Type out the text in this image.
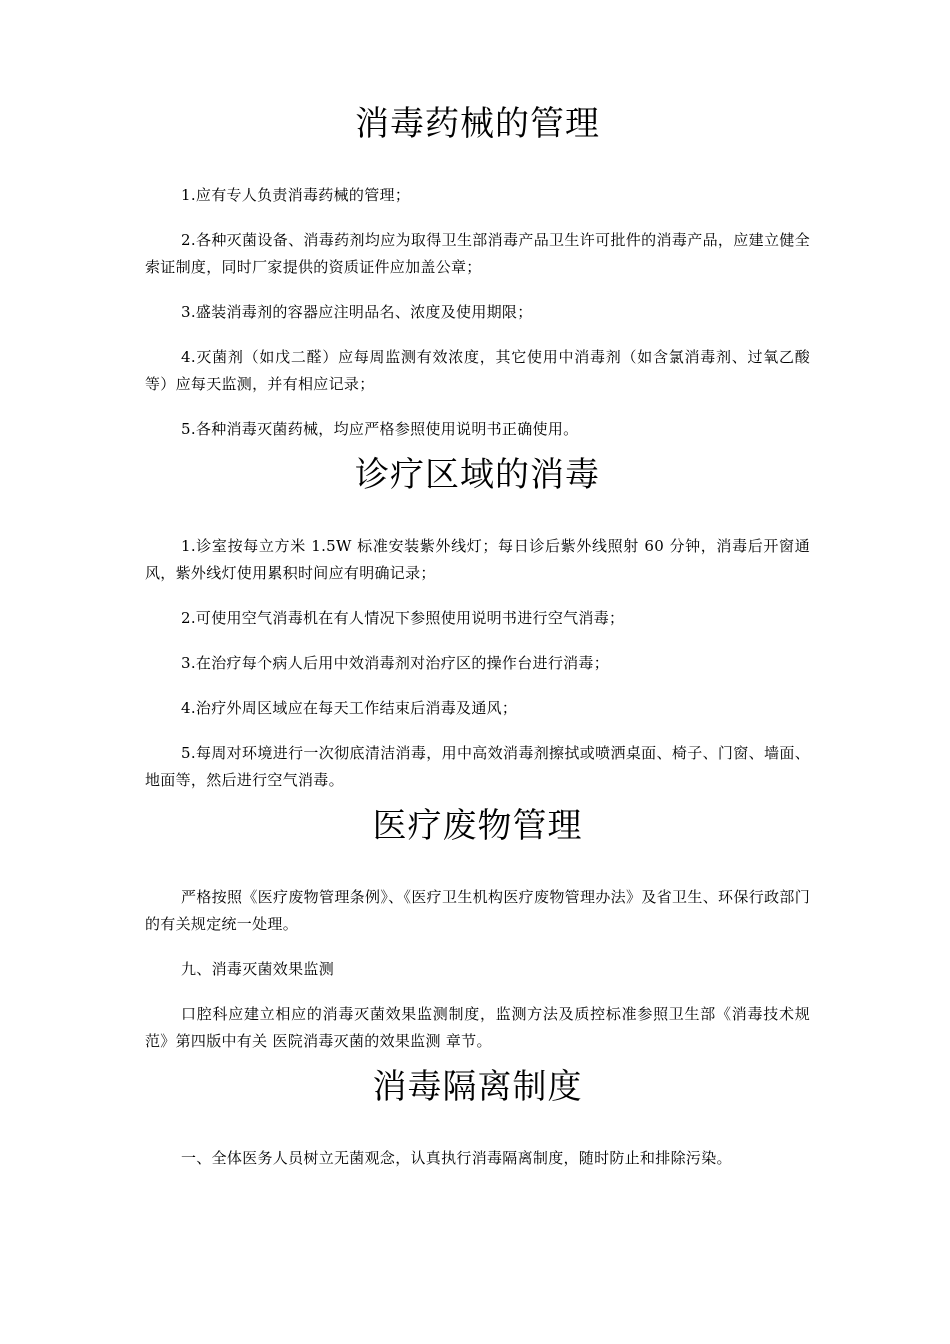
消毒药械的管理

1.应有专人负责消毒药械的管理；

2.各种灭菌设备、消毒药剂均应为取得卫生部消毒产品卫生许可批件的消毒产品，应建立健全索证制度，同时厂家提供的资质证件应加盖公章；

3.盛装消毒剂的容器应注明品名、浓度及使用期限；

4.灭菌剂（如戊二醛）应每周监测有效浓度，其它使用中消毒剂（如含氯消毒剂、过氧乙酸等）应每天监测，并有相应记录；

5.各种消毒灭菌药械，均应严格参照使用说明书正确使用。

诊疗区域的消毒

1.诊室按每立方米 1.5W 标准安装紫外线灯；每日诊后紫外线照射 60 分钟，消毒后开窗通风，紫外线灯使用累积时间应有明确记录；

2.可使用空气消毒机在有人情况下参照使用说明书进行空气消毒；

3.在治疗每个病人后用中效消毒剂对治疗区的操作台进行消毒；

4.治疗外周区域应在每天工作结束后消毒及通风；

5.每周对环境进行一次彻底清洁消毒，用中高效消毒剂擦拭或喷洒桌面、椅子、门窗、墙面、地面等，然后进行空气消毒。

医疗废物管理

严格按照《医疗废物管理条例》、《医疗卫生机构医疗废物管理办法》及省卫生、环保行政部门的有关规定统一处理。

九、消毒灭菌效果监测

口腔科应建立相应的消毒灭菌效果监测制度，监测方法及质控标准参照卫生部《消毒技术规范》第四版中有关 医院消毒灭菌的效果监测 章节。

消毒隔离制度

一、全体医务人员树立无菌观念，认真执行消毒隔离制度，随时防止和排除污染。
